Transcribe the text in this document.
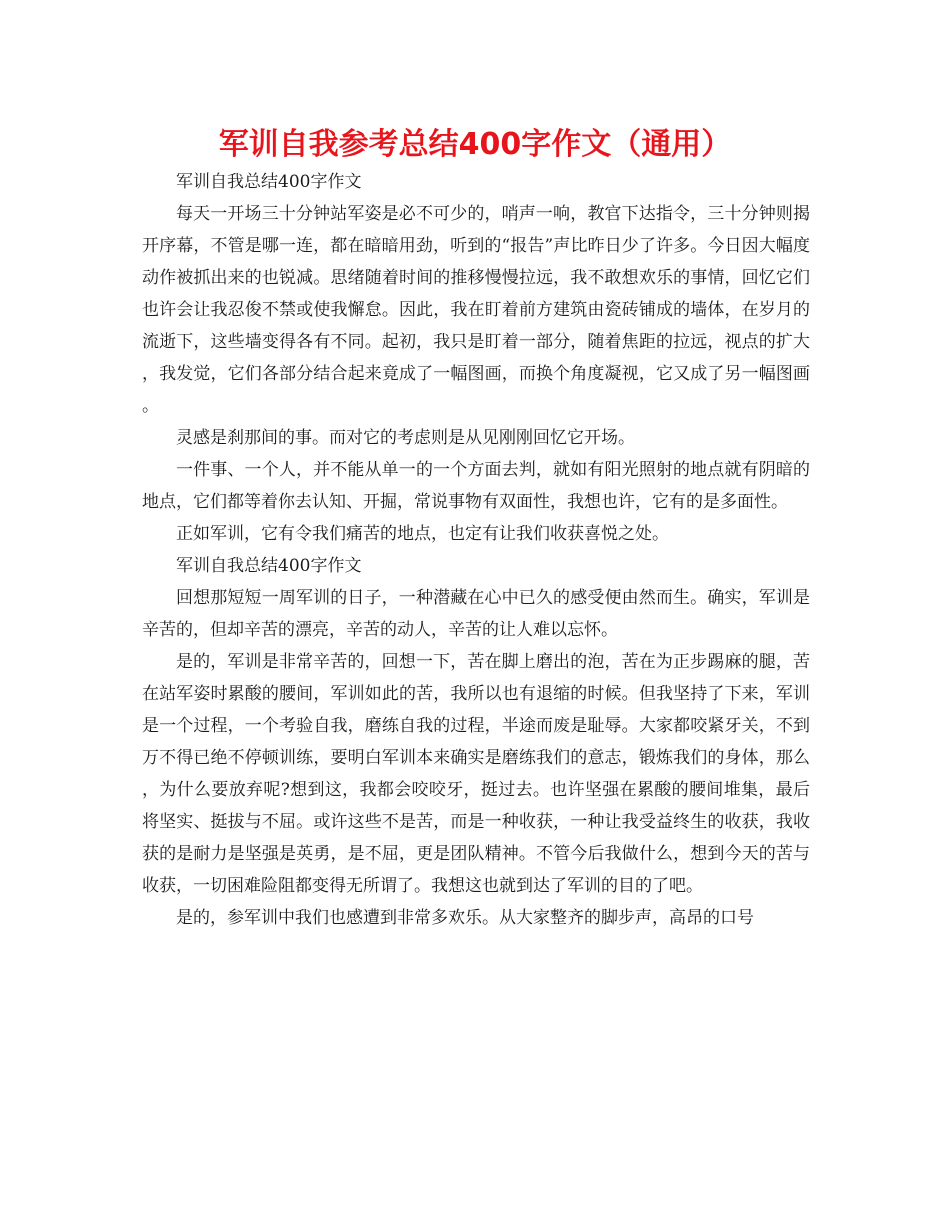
军训自我参考总结400字作文（通用）

军训自我总结400字作文

每天一开场三十分钟站军姿是必不可少的，哨声一响，教官下达指令，三十分钟则揭开序幕，不管是哪一连，都在暗暗用劲，听到的“报告”声比昨日少了许多。今日因大幅度动作被抓出来的也锐减。思绪随着时间的推移慢慢拉远，我不敢想欢乐的事情，回忆它们也许会让我忍俊不禁或使我懈怠。因此，我在盯着前方建筑由瓷砖铺成的墙体，在岁月的流逝下，这些墙变得各有不同。起初，我只是盯着一部分，随着焦距的拉远，视点的扩大，我发觉，它们各部分结合起来竟成了一幅图画，而换个角度凝视，它又成了另一幅图画。

灵感是刹那间的事。而对它的考虑则是从见刚刚回忆它开场。

一件事、一个人，并不能从单一的一个方面去判，就如有阳光照射的地点就有阴暗的地点，它们都等着你去认知、开掘，常说事物有双面性，我想也许，它有的是多面性。

正如军训，它有令我们痛苦的地点，也定有让我们收获喜悦之处。

军训自我总结400字作文

回想那短短一周军训的日子，一种潜藏在心中已久的感受便由然而生。确实，军训是辛苦的，但却辛苦的漂亮，辛苦的动人，辛苦的让人难以忘怀。

是的，军训是非常辛苦的，回想一下，苦在脚上磨出的泡，苦在为正步踢麻的腿，苦在站军姿时累酸的腰间，军训如此的苦，我所以也有退缩的时候。但我坚持了下来，军训是一个过程，一个考验自我，磨练自我的过程，半途而废是耻辱。大家都咬紧牙关，不到万不得已绝不停顿训练，要明白军训本来确实是磨练我们的意志，锻炼我们的身体，那么，为什么要放弃呢?想到这，我都会咬咬牙，挺过去。也许坚强在累酸的腰间堆集，最后将坚实、挺拔与不屈。或许这些不是苦，而是一种收获，一种让我受益终生的收获，我收获的是耐力是坚强是英勇，是不屈，更是团队精神。不管今后我做什么，想到今天的苦与收获，一切困难险阻都变得无所谓了。我想这也就到达了军训的目的了吧。

是的，参军训中我们也感遭到非常多欢乐。从大家整齐的脚步声，高昂的口号
